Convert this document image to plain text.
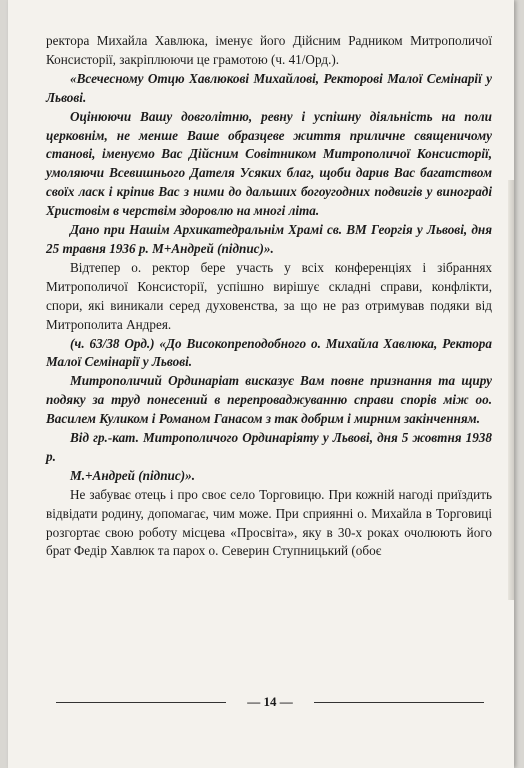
ректора Михайла Хавлюка, іменує його Дійсним Радником Митрополичої Консисторії, закріплюючи це грамотою (ч. 41/Орд.).

«Всечесному Отцю Хавлюкові Михайлові, Ректорові Малої Семінарії у Львові.

Оцінюючи Вашу довголітню, ревну і успішну діяльність на поли церковнім, не менше Ваше образцеве життя приличне священичому станові, іменуємо Вас Дійсним Совітником Митрополичої Консисторії, умоляючи Всевишнього Дателя Усяких благ, щоби дарив Вас багатством своїх ласк і кріпив Вас з ними до дальших богоугодних подвигів у винограді Христовім в черствім здоровлю на многі літа.

Дано при Нашім Архикатедральнім Храмі св. ВМ Георгія у Львові, дня 25 травня 1936 р. М+Андрей (підпис)».

Відтепер о. ректор бере участь у всіх конференціях і зібраннях Митрополичої Консисторії, успішно вирішує складні справи, конфлікти, спори, які виникали серед духовенства, за що не раз отримував подяки від Митрополита Андрея.

(ч. 63/38 Орд.) «До Високопреподобного о. Михайла Хавлюка, Ректора Малої Семінарії у Львові.

Митрополичий Ординаріат висказує Вам повне признання та щиру подяку за труд понесений в перепроваджуванню справи спорів між оо. Василем Куликом і Романом Ганасом з так добрим і мирним закінченням.

Від гр.-кат. Митрополичого Ординаріяту у Львові, дня 5 жовтня 1938 р.

М.+Андрей (підпис)».

Не забуває отець і про своє село Торговицю. При кожній нагоді приїздить відвідати родину, допомагає, чим може. При сприянні о. Михайла в Торговиці розгортає свою роботу місцева «Просвіта», яку в 30-х роках очолюють його брат Федір Хавлюк та парох о. Северин Ступницький (обоє

— 14 —
